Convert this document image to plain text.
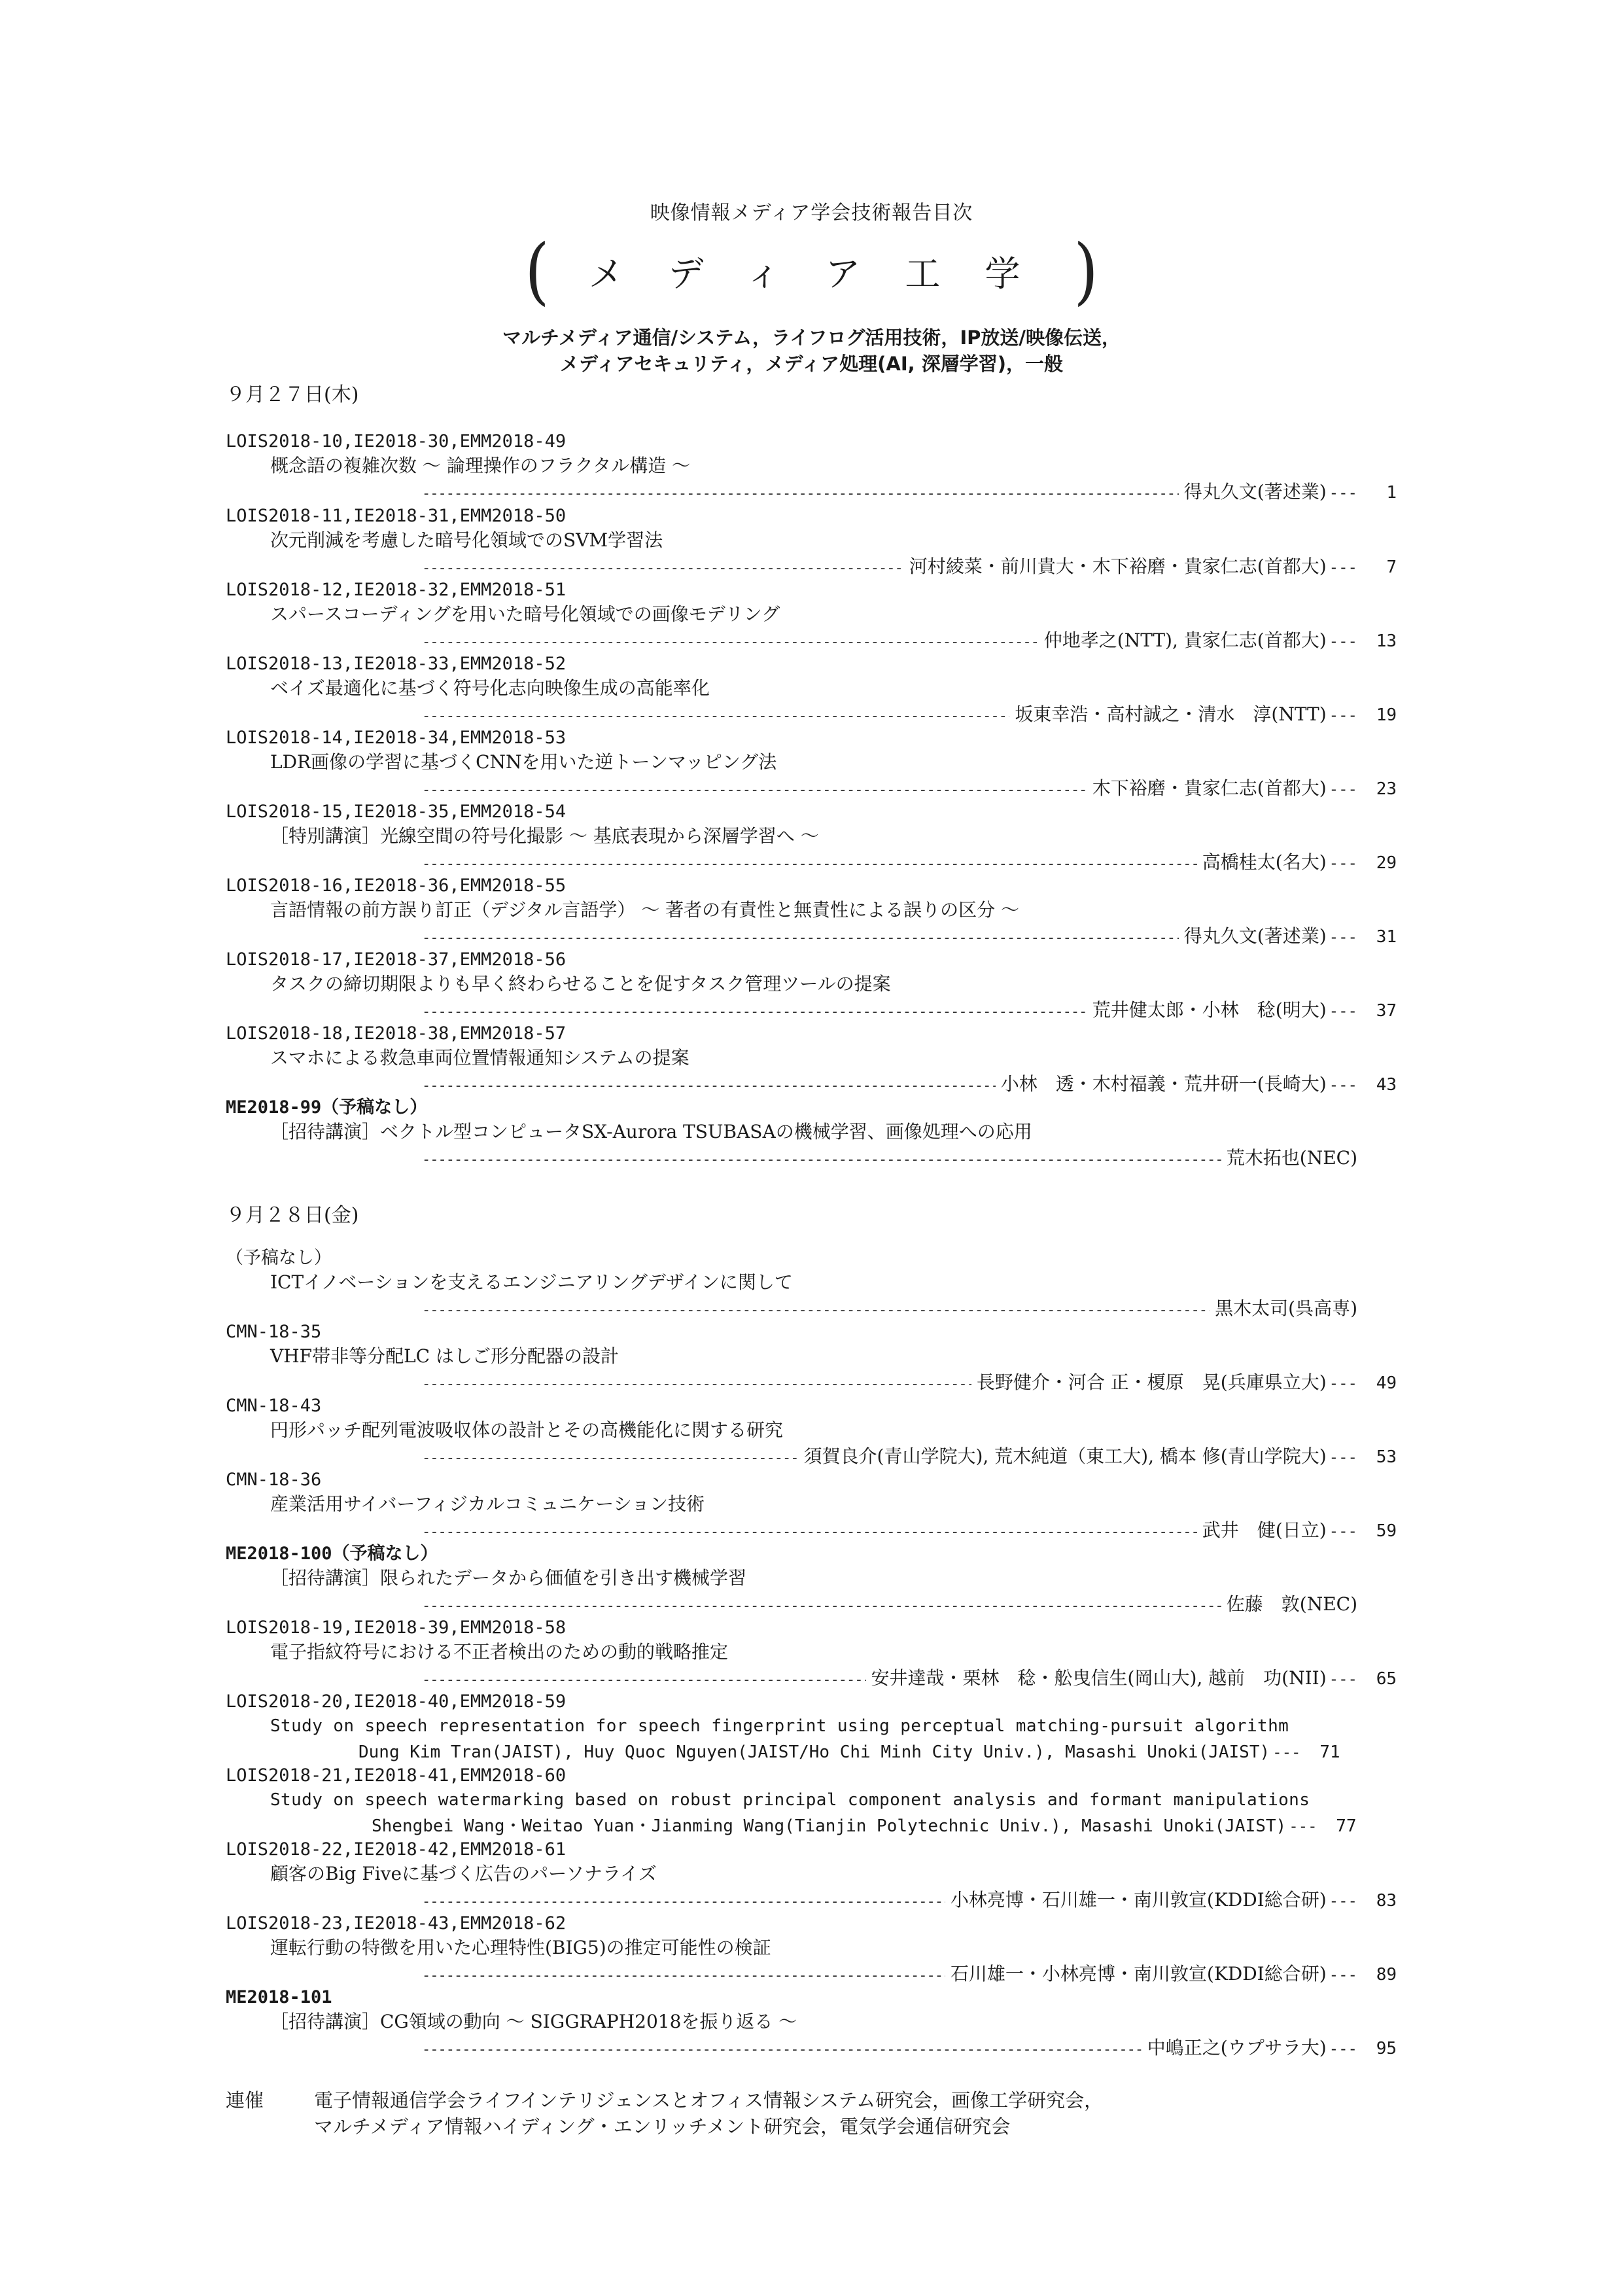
映像情報メディア学会技術報告目次
(	メディア工学 )
マルチメディア通信/システム，ライフログ活用技術，IP放送/映像伝送，
メディアセキュリティ，メディア処理(AI, 深層学習)，一般
９月２７日(木)
９月２８日(金)
LOIS2018-10,IE2018-30,EMM2018-49
概念語の複雑次数 〜 論理操作のフラクタル構造 〜
-----
得丸久文(著述業) ---	1
LOIS2018-11,IE2018-31,EMM2018-50
次元削減を考慮した暗号化領域でのSVM学習法
-----
河村綾菜・前川貴大・木下裕磨・貴家仁志(首都大) ---	7
LOIS2018-12,IE2018-32,EMM2018-51
スパースコーディングを用いた暗号化領域での画像モデリング
-----
仲地孝之(NTT), 貴家仁志(首都大) ---	13
LOIS2018-13,IE2018-33,EMM2018-52
ベイズ最適化に基づく符号化志向映像生成の高能率化
-----
坂東幸浩・高村誠之・清水　淳(NTT) ---	19
LOIS2018-14,IE2018-34,EMM2018-53
LDR画像の学習に基づくCNNを用いた逆トーンマッピング法
-----
木下裕磨・貴家仁志(首都大) ---	23
LOIS2018-15,IE2018-35,EMM2018-54
［特別講演］光線空間の符号化撮影 〜 基底表現から深層学習へ 〜
-----
高橋桂太(名大) ---	29
LOIS2018-16,IE2018-36,EMM2018-55
言語情報の前方誤り訂正（デジタル言語学） 〜 著者の有責性と無責性による誤りの区分 〜
-----
得丸久文(著述業) ---	31
LOIS2018-17,IE2018-37,EMM2018-56
タスクの締切期限よりも早く終わらせることを促すタスク管理ツールの提案
-----
荒井健太郎・小林　稔(明大) ---	37
LOIS2018-18,IE2018-38,EMM2018-57
スマホによる救急車両位置情報通知システムの提案
-----
小林　透・木村福義・荒井研一(長崎大) ---	43
ME2018-99（予稿なし）
［招待講演］ベクトル型コンピュータSX-Aurora TSUBASAの機械学習、画像処理への応用
-----
荒木拓也(NEC)
（予稿なし）
ICTイノベーションを支えるエンジニアリングデザインに関して
-----
黒木太司(呉高専)
CMN-18-35
VHF帯非等分配LC はしご形分配器の設計
-----
長野健介・河合 正・榎原　晃(兵庫県立大) ---	49
CMN-18-43
円形パッチ配列電波吸収体の設計とその高機能化に関する研究
-----
須賀良介(青山学院大), 荒木純道（東工大), 橋本 修(青山学院大) ---	53
CMN-18-36
産業活用サイバーフィジカルコミュニケーション技術
-----
武井　健(日立) ---	59
ME2018-100（予稿なし）
［招待講演］限られたデータから価値を引き出す機械学習
-----
佐藤　敦(NEC)
LOIS2018-19,IE2018-39,EMM2018-58
電子指紋符号における不正者検出のための動的戦略推定
-----
安井達哉・栗林　稔・舩曳信生(岡山大), 越前　功(NII) ---	65
LOIS2018-20,IE2018-40,EMM2018-59
Study on speech representation for speech fingerprint using perceptual matching-pursuit algorithm
Dung Kim Tran(JAIST), Huy Quoc Nguyen(JAIST/Ho Chi Minh City Univ.), Masashi Unoki(JAIST) ---	71
LOIS2018-21,IE2018-41,EMM2018-60
Study on speech watermarking based on robust principal component analysis and formant manipulations
Shengbei Wang・Weitao Yuan・Jianming Wang(Tianjin Polytechnic Univ.), Masashi Unoki(JAIST) ---	77
LOIS2018-22,IE2018-42,EMM2018-61
顧客のBig Fiveに基づく広告のパーソナライズ
-----
小林亮博・石川雄一・南川敦宣(KDDI総合研) ---	83
LOIS2018-23,IE2018-43,EMM2018-62
運転行動の特徴を用いた心理特性(BIG5)の推定可能性の検証
-----
石川雄一・小林亮博・南川敦宣(KDDI総合研) ---	89
ME2018-101
［招待講演］CG領域の動向 〜 SIGGRAPH2018を振り返る 〜
-----
中嶋正之(ウプサラ大) ---	95
連催	電子情報通信学会ライフインテリジェンスとオフィス情報システム研究会，画像工学研究会，
マルチメディア情報ハイディング・エンリッチメント研究会，電気学会通信研究会
